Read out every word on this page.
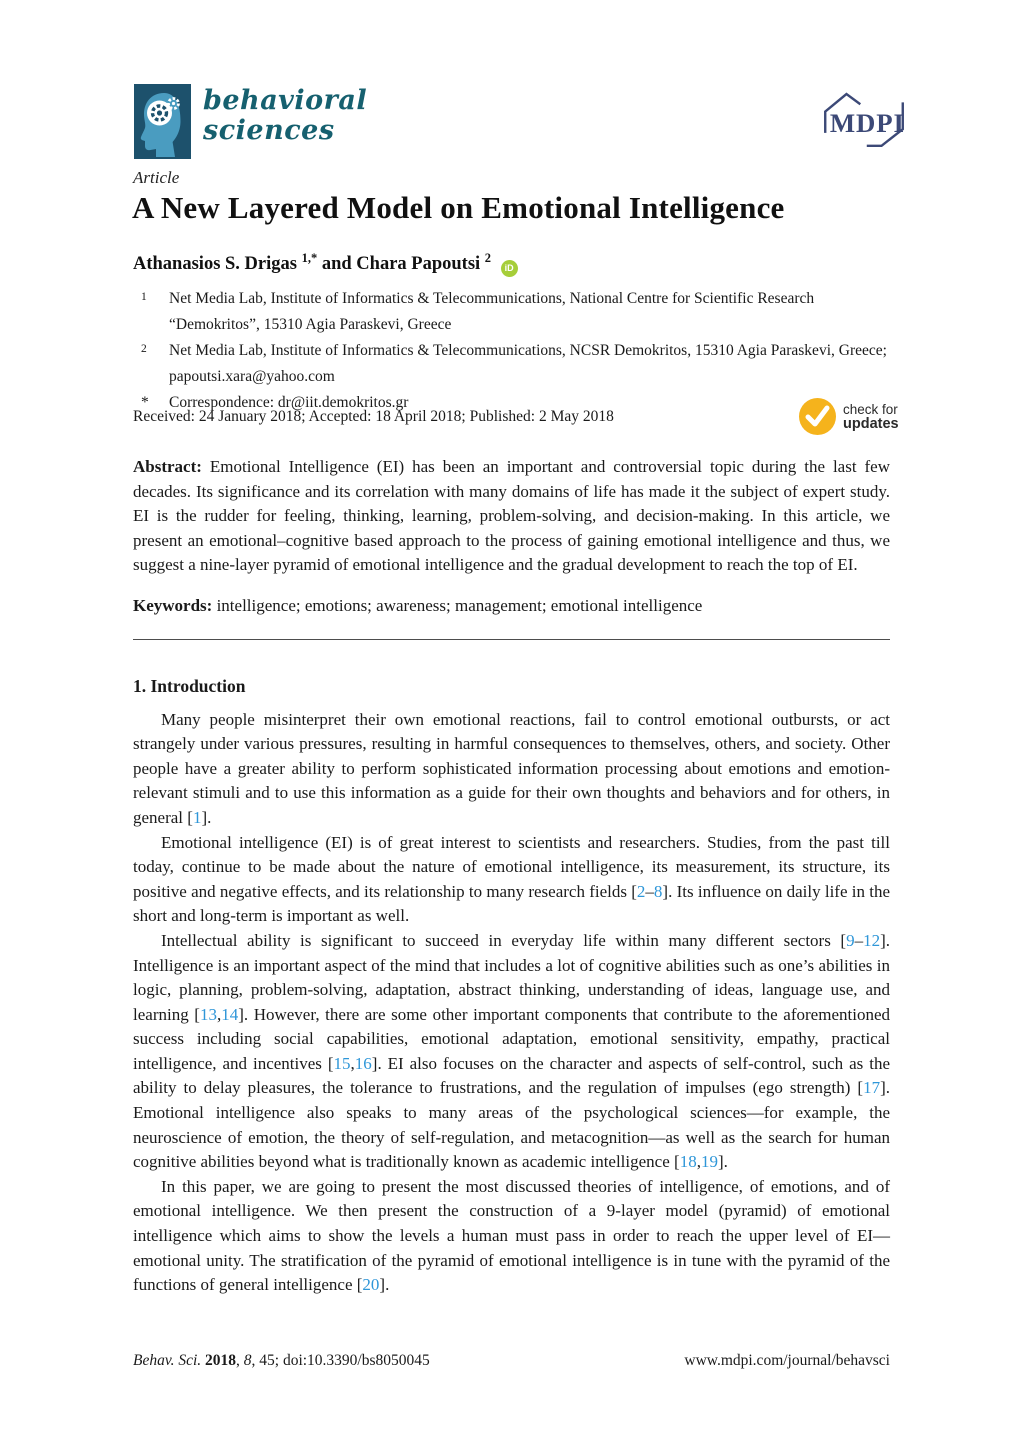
behavioral
sciences	MDPI
Article
A New Layered Model on Emotional Intelligence
Athanasios S. Drigas $^{1,*}$ and Chara Papoutsi $^2$ iD
1	Net Media Lab, Institute of Informatics & Telecommunications, National Centre for Scientific Research “Demokritos”, 15310 Agia Paraskevi, Greece
2	Net Media Lab, Institute of Informatics & Telecommunications, NCSR Demokritos, 15310 Agia Paraskevi, Greece; papoutsi.xara@yahoo.com
*	Correspondence: dr@iit.demokritos.gr
Received: 24 January 2018; Accepted: 18 April 2018; Published: 2 May 2018	check for
updates
Abstract: Emotional Intelligence (EI) has been an important and controversial topic during the last few decades. Its significance and its correlation with many domains of life has made it the subject of expert study. EI is the rudder for feeling, thinking, learning, problem-solving, and decision-making. In this article, we present an emotional–cognitive based approach to the process of gaining emotional intelligence and thus, we suggest a nine-layer pyramid of emotional intelligence and the gradual development to reach the top of EI.
Keywords: intelligence; emotions; awareness; management; emotional intelligence
1. Introduction

Many people misinterpret their own emotional reactions, fail to control emotional outbursts, or act strangely under various pressures, resulting in harmful consequences to themselves, others, and society. Other people have a greater ability to perform sophisticated information processing about emotions and emotion-relevant stimuli and to use this information as a guide for their own thoughts and behaviors and for others, in general [1].

Emotional intelligence (EI) is of great interest to scientists and researchers. Studies, from the past till today, continue to be made about the nature of emotional intelligence, its measurement, its structure, its positive and negative effects, and its relationship to many research fields [2–8]. Its influence on daily life in the short and long-term is important as well.

Intellectual ability is significant to succeed in everyday life within many different sectors [9–12]. Intelligence is an important aspect of the mind that includes a lot of cognitive abilities such as one’s abilities in logic, planning, problem-solving, adaptation, abstract thinking, understanding of ideas, language use, and learning [13,14]. However, there are some other important components that contribute to the aforementioned success including social capabilities, emotional adaptation, emotional sensitivity, empathy, practical intelligence, and incentives [15,16]. EI also focuses on the character and aspects of self-control, such as the ability to delay pleasures, the tolerance to frustrations, and the regulation of impulses (ego strength) [17]. Emotional intelligence also speaks to many areas of the psychological sciences—for example, the neuroscience of emotion, the theory of self-regulation, and metacognition—as well as the search for human cognitive abilities beyond what is traditionally known as academic intelligence [18,19].

In this paper, we are going to present the most discussed theories of intelligence, of emotions, and of emotional intelligence. We then present the construction of a 9-layer model (pyramid) of emotional intelligence which aims to show the levels a human must pass in order to reach the upper level of EI—emotional unity. The stratification of the pyramid of emotional intelligence is in tune with the pyramid of the functions of general intelligence [20].

Behav. Sci. 2018, 8, 45; doi:10.3390/bs8050045	www.mdpi.com/journal/behavsci
